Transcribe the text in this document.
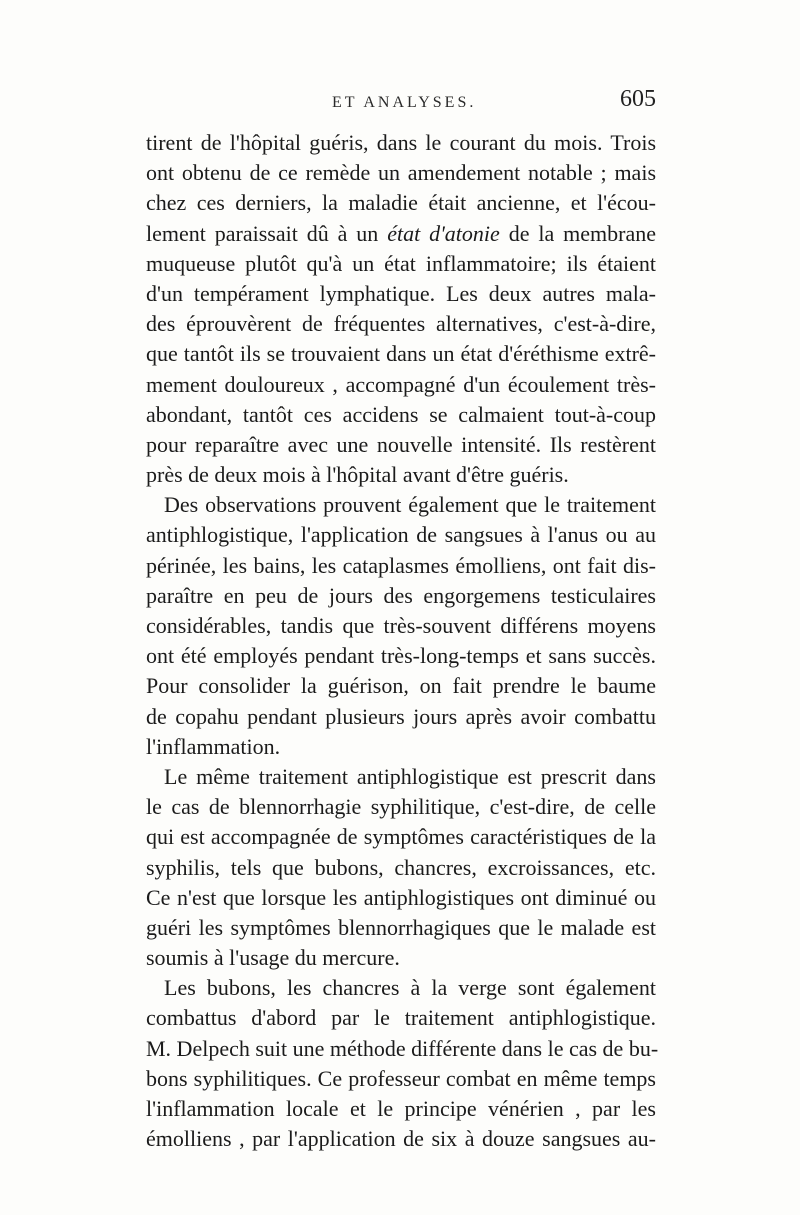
ET ANALYSES.	605
tirent de l'hôpital guéris, dans le courant du mois. Trois
ont obtenu de ce remède un amendement notable ; mais
chez ces derniers, la maladie était ancienne, et l'écou-
lement paraissait dû à un état d'atonie de la membrane
muqueuse plutôt qu'à un état inflammatoire; ils étaient
d'un tempérament lymphatique. Les deux autres mala-
des éprouvèrent de fréquentes alternatives, c'est-à-dire,
que tantôt ils se trouvaient dans un état d'éréthisme extrê-
mement douloureux , accompagné d'un écoulement très-
abondant, tantôt ces accidens se calmaient tout-à-coup
pour reparaître avec une nouvelle intensité. Ils restèrent
près de deux mois à l'hôpital avant d'être guéris.
Des observations prouvent également que le traitement
antiphlogistique, l'application de sangsues à l'anus ou au
périnée, les bains, les cataplasmes émolliens, ont fait dis-
paraître en peu de jours des engorgemens testiculaires
considérables, tandis que très-souvent différens moyens
ont été employés pendant très-long-temps et sans succès.
Pour consolider la guérison, on fait prendre le baume
de copahu pendant plusieurs jours après avoir combattu
l'inflammation.
Le même traitement antiphlogistique est prescrit dans
le cas de blennorrhagie syphilitique, c'est-dire, de celle
qui est accompagnée de symptômes caractéristiques de la
syphilis, tels que bubons, chancres, excroissances, etc.
Ce n'est que lorsque les antiphlogistiques ont diminué ou
guéri les symptômes blennorrhagiques que le malade est
soumis à l'usage du mercure.
Les bubons, les chancres à la verge sont également
combattus d'abord par le traitement antiphlogistique.
M. Delpech suit une méthode différente dans le cas de bu-
bons syphilitiques. Ce professeur combat en même temps
l'inflammation locale et le principe vénérien , par les
émolliens , par l'application de six à douze sangsues au-
